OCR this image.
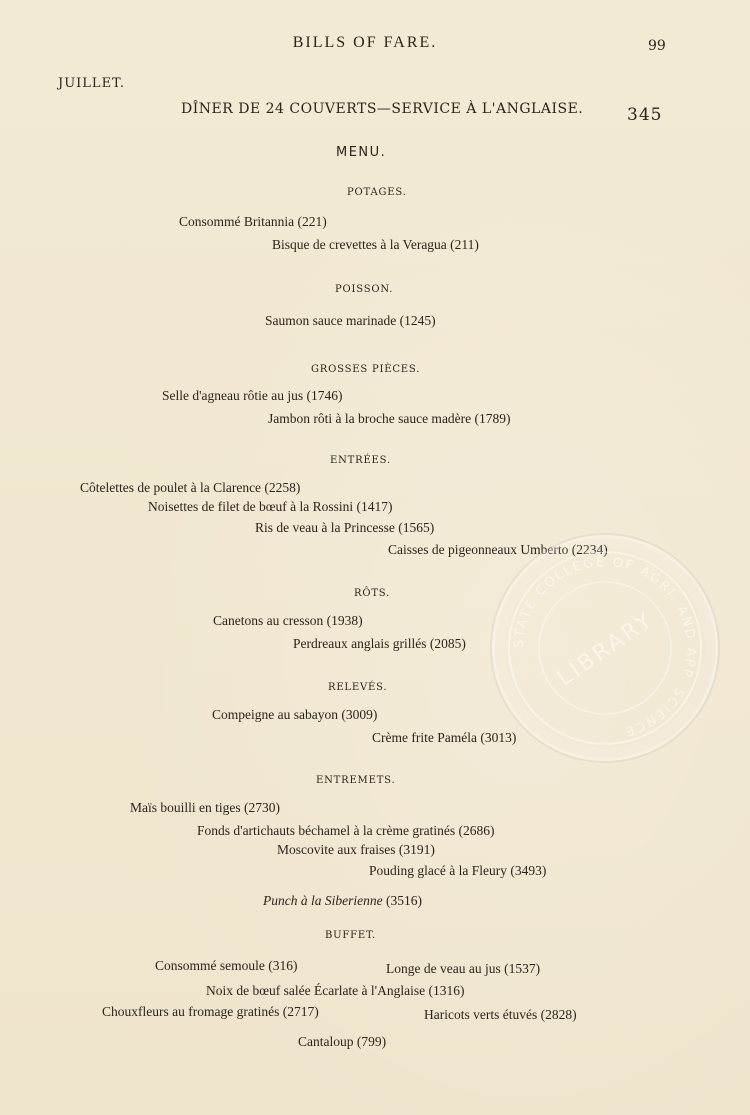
BILLS OF FARE.	99
JUILLET.
DÎNER DE 24 COUVERTS—SERVICE À L'ANGLAISE.	345
MENU.
POTAGES.
Consommé Britannia (221)
Bisque de crevettes à la Veragua (211)
POISSON.
Saumon sauce marinade (1245)
GROSSES PIÈCES.
Selle d'agneau rôtie au jus (1746)
Jambon rôti à la broche sauce madère (1789)
ENTRÉES.
Côtelettes de poulet à la Clarence (2258)
Noisettes de filet de bœuf à la Rossini (1417)
Ris de veau à la Princesse (1565)
Caisses de pigeonneaux Umberto (2234)
RÔTS.
Canetons au cresson (1938)
Perdreaux anglais grillés (2085)
RELEVÉS.
Compeigne au sabayon (3009)
Crème frite Paméla (3013)
ENTREMETS.
Maïs bouilli en tiges (2730)
Fonds d'artichauts béchamel à la crème gratinés (2686)
Moscovite aux fraises (3191)
Pouding glacé à la Fleury (3493)
Punch à la Siberienne (3516)
BUFFET.
Consommé semoule (316)	Longe de veau au jus (1537)
Noix de bœuf salée Écarlate à l'Anglaise (1316)
Chouxfleurs au fromage gratinés (2717)	Haricots verts étuvés (2828)
Cantaloup (799)
STATE COLLEGE OF AGRI. AND APP. SCIENCE
LIBRARY
